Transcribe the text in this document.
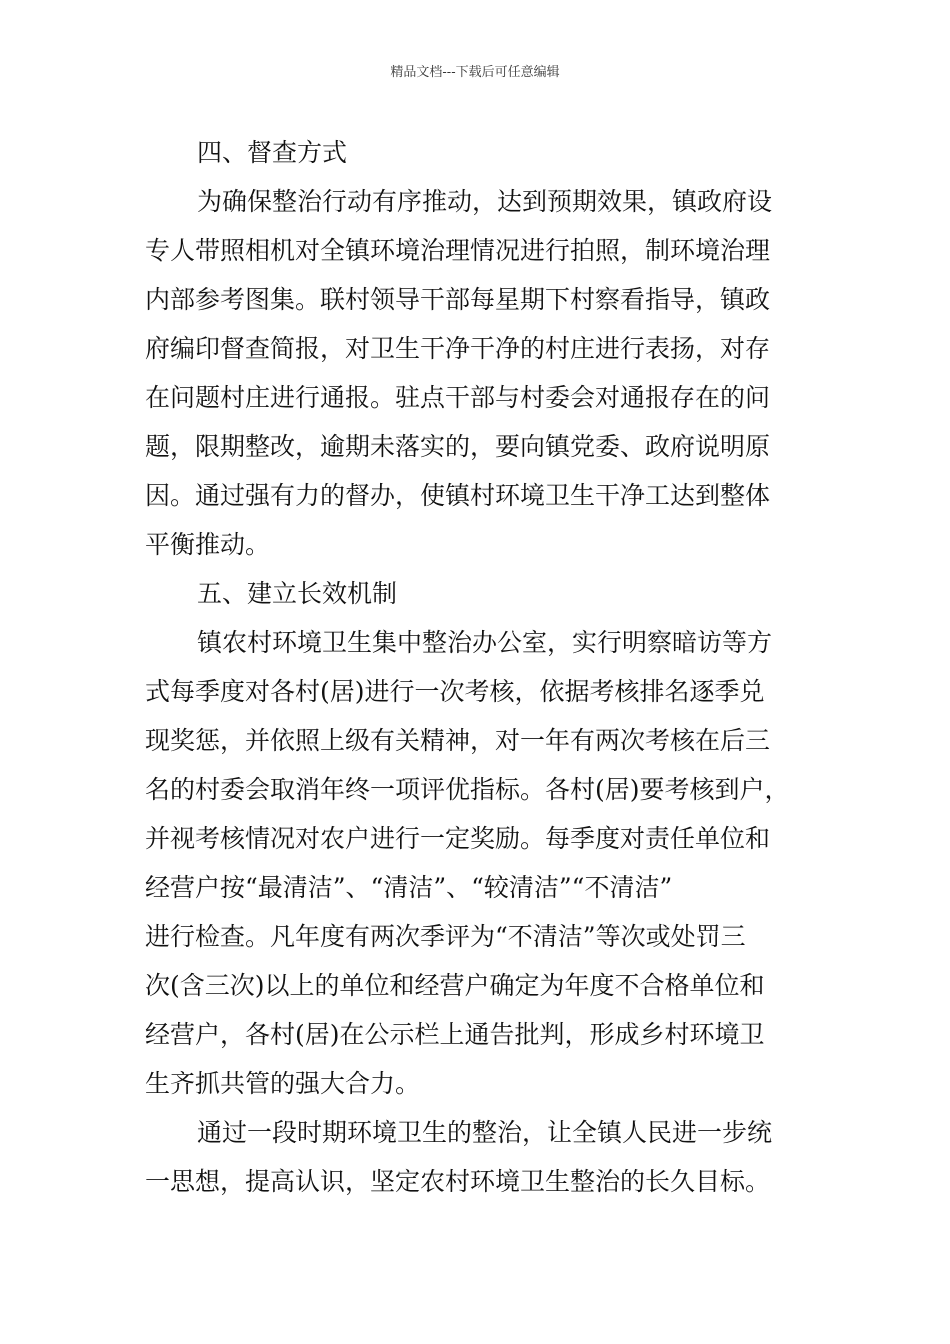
精品文档---下载后可任意编辑
四、督查方式
为确保整治行动有序推动，达到预期效果，镇政府设
专人带照相机对全镇环境治理情况进行拍照，制环境治理
内部参考图集。联村领导干部每星期下村察看指导，镇政
府编印督查简报，对卫生干净干净的村庄进行表扬，对存
在问题村庄进行通报。驻点干部与村委会对通报存在的问
题，限期整改，逾期未落实的，要向镇党委、政府说明原
因。通过强有力的督办，使镇村环境卫生干净工达到整体
平衡推动。
五、建立长效机制
镇农村环境卫生集中整治办公室，实行明察暗访等方
式每季度对各村(居)进行一次考核，依据考核排名逐季兑
现奖惩，并依照上级有关精神，对一年有两次考核在后三
名的村委会取消年终一项评优指标。各村(居)要考核到户，
并视考核情况对农户进行一定奖励。每季度对责任单位和
经营户按“最清洁”、“清洁”、“较清洁”“不清洁”
进行检查。凡年度有两次季评为“不清洁”等次或处罚三
次(含三次)以上的单位和经营户确定为年度不合格单位和
经营户，各村(居)在公示栏上通告批判，形成乡村环境卫
生齐抓共管的强大合力。
通过一段时期环境卫生的整治，让全镇人民进一步统
一思想，提高认识，坚定农村环境卫生整治的长久目标。
